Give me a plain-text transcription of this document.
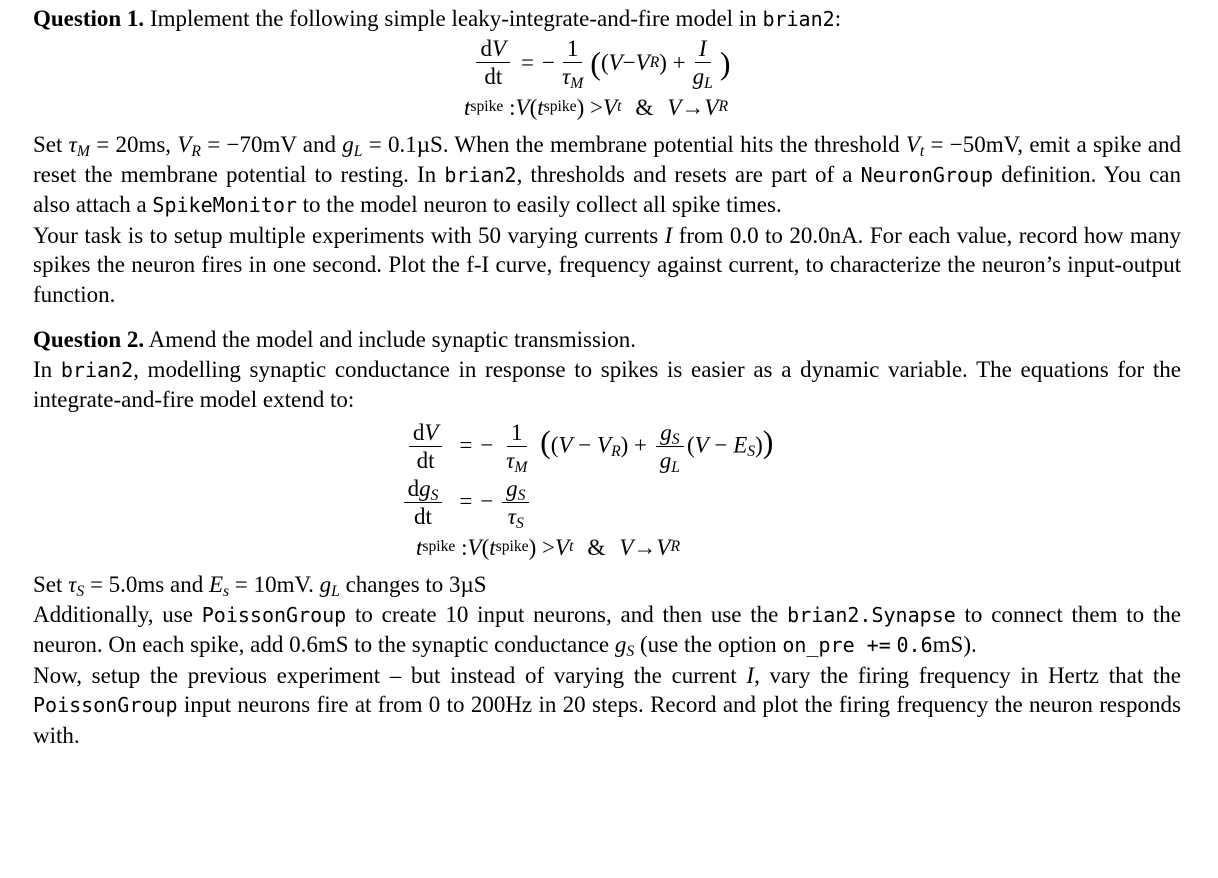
Question 1. Implement the following simple leaky-integrate-and-fire model in brian2:

$\frac{dV}{dt}$ = − $\frac{1}{\tau_M}$ ( ( V − V R ) + $\frac{I}{g_L}$ )
t spike : V ( t spike ) > V t & V → V R

Set $\tau_M = 20ms$, $V_R = -70mV$ and $g_L = 0.1\mu S$. When the membrane potential hits the threshold $V_t = -50mV$, emit a spike and reset the membrane potential to resting. In brian2, thresholds and resets are part of a NeuronGroup definition. You can also attach a SpikeMonitor to the model neuron to easily collect all spike times.

Your task is to setup multiple experiments with 50 varying currents I from 0.0 to 20.0nA. For each value, record how many spikes the neuron fires in one second. Plot the f-I curve, frequency against current, to characterize the neuron’s input-output function.

Question 2. Amend the model and include synaptic transmission.

In brian2, modelling synaptic conductance in response to spikes is easier as a dynamic variable. The equations for the integrate-and-fire model extend to:

$\frac{dV}{dt}$ = − $\frac{1}{\tau_M} ((V - V_R) + \frac{g_S}{g_L} (V - E_S))$
$\frac{dg_S}{dt}$ = − $\frac{g_S}{\tau_S}$
t spike : V ( t spike ) > V t & V → V R

Set $\tau_S = 5.0ms$ and $E_s = 10mV$. $g_L$ changes to 3µS

Additionally, use PoissonGroup to create 10 input neurons, and then use the brian2.Synapse to connect them to the neuron. On each spike, add 0.6mS to the synaptic conductance $g_S$ (use the option on_pre += 0.6mS).

Now, setup the previous experiment – but instead of varying the current I, vary the firing frequency in Hertz that the PoissonGroup input neurons fire at from 0 to 200Hz in 20 steps. Record and plot the firing frequency the neuron responds with.
